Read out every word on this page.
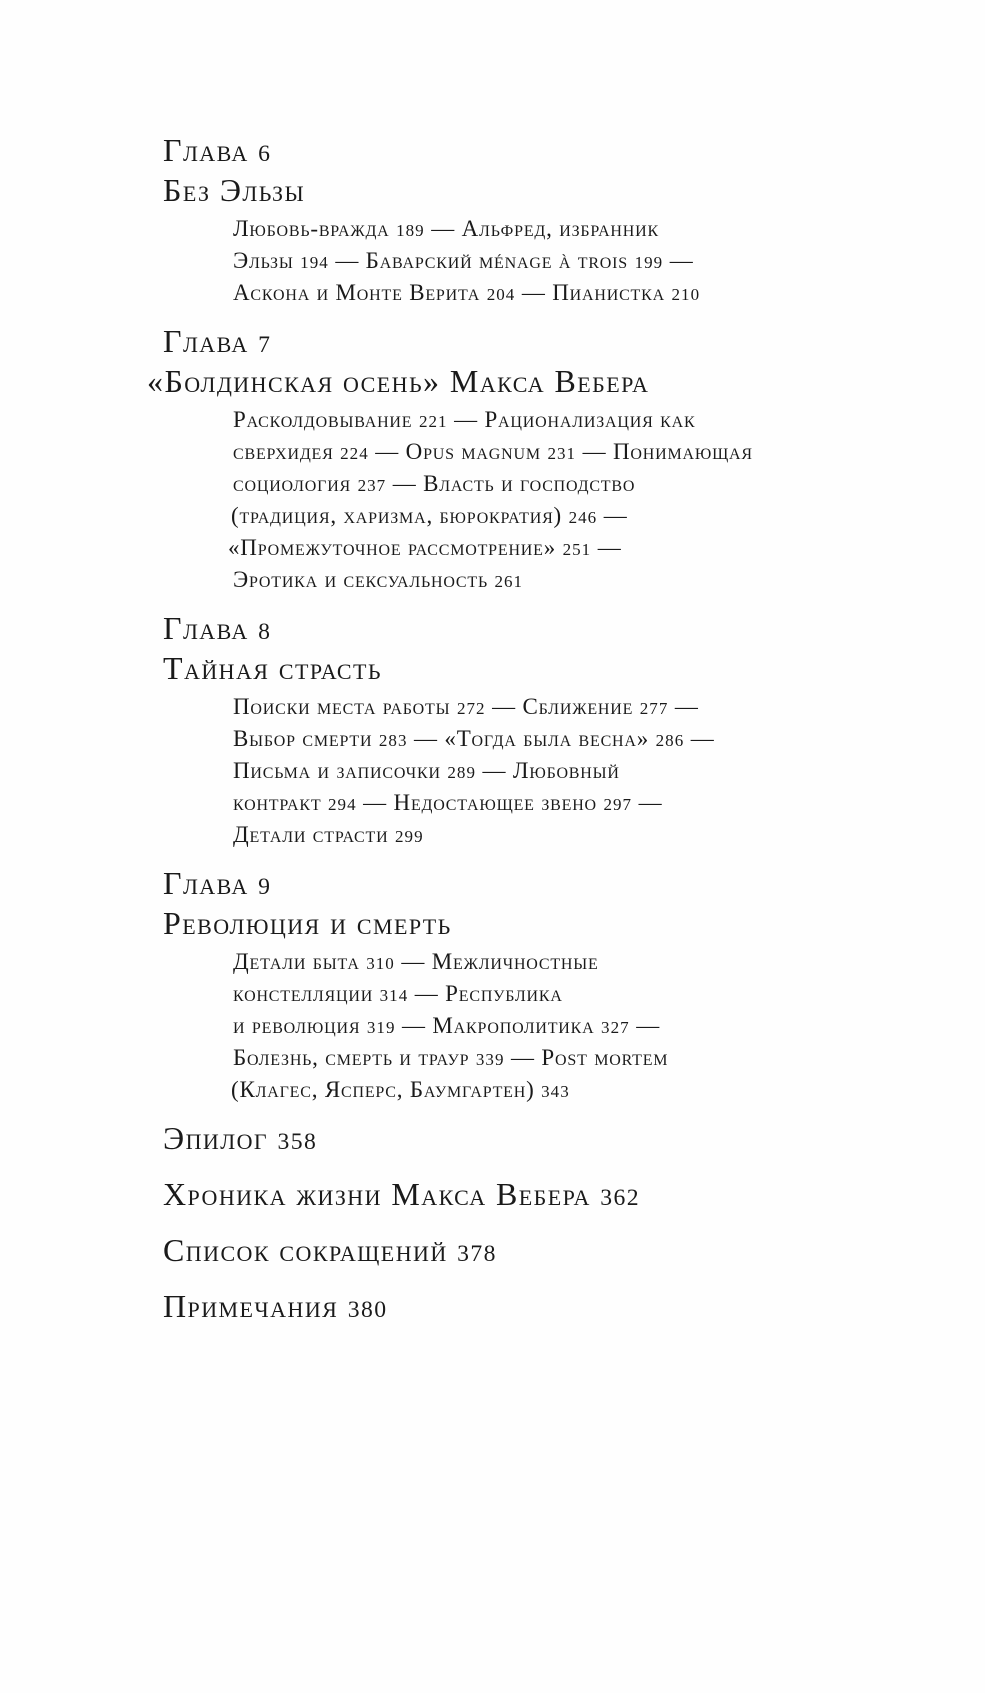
Глава 6
Без Эльзы
Любовь-вражда 189 — Альфред, избранник
Эльзы 194 — Баварский ménage à trois 199 —
Аскона и Монте Верита 204 — Пианистка 210
Глава 7
«Болдинская осень» Макса Вебера
Расколдовывание 221 — Рационализация как
сверхидея 224 — Opus magnum 231 — Понимающая
социология 237 — Власть и господство
(традиция, харизма, бюрократия) 246 —
«Промежуточное рассмотрение» 251 —
Эротика и сексуальность 261
Глава 8
Тайная страсть
Поиски места работы 272 — Сближение 277 —
Выбор смерти 283 — «Тогда была весна» 286 —
Письма и записочки 289 — Любовный
контракт 294 — Недостающее звено 297 —
Детали страсти 299
Глава 9
Революция и смерть
Детали быта 310 — Межличностные
констелляции 314 — Республика
и революция 319 — Макрополитика 327 —
Болезнь, смерть и траур 339 — Post mortem
(Клагес, Ясперс, Баумгартен) 343
Эпилог 358
Хроника жизни Макса Вебера 362
Список сокращений 378
Примечания 380
